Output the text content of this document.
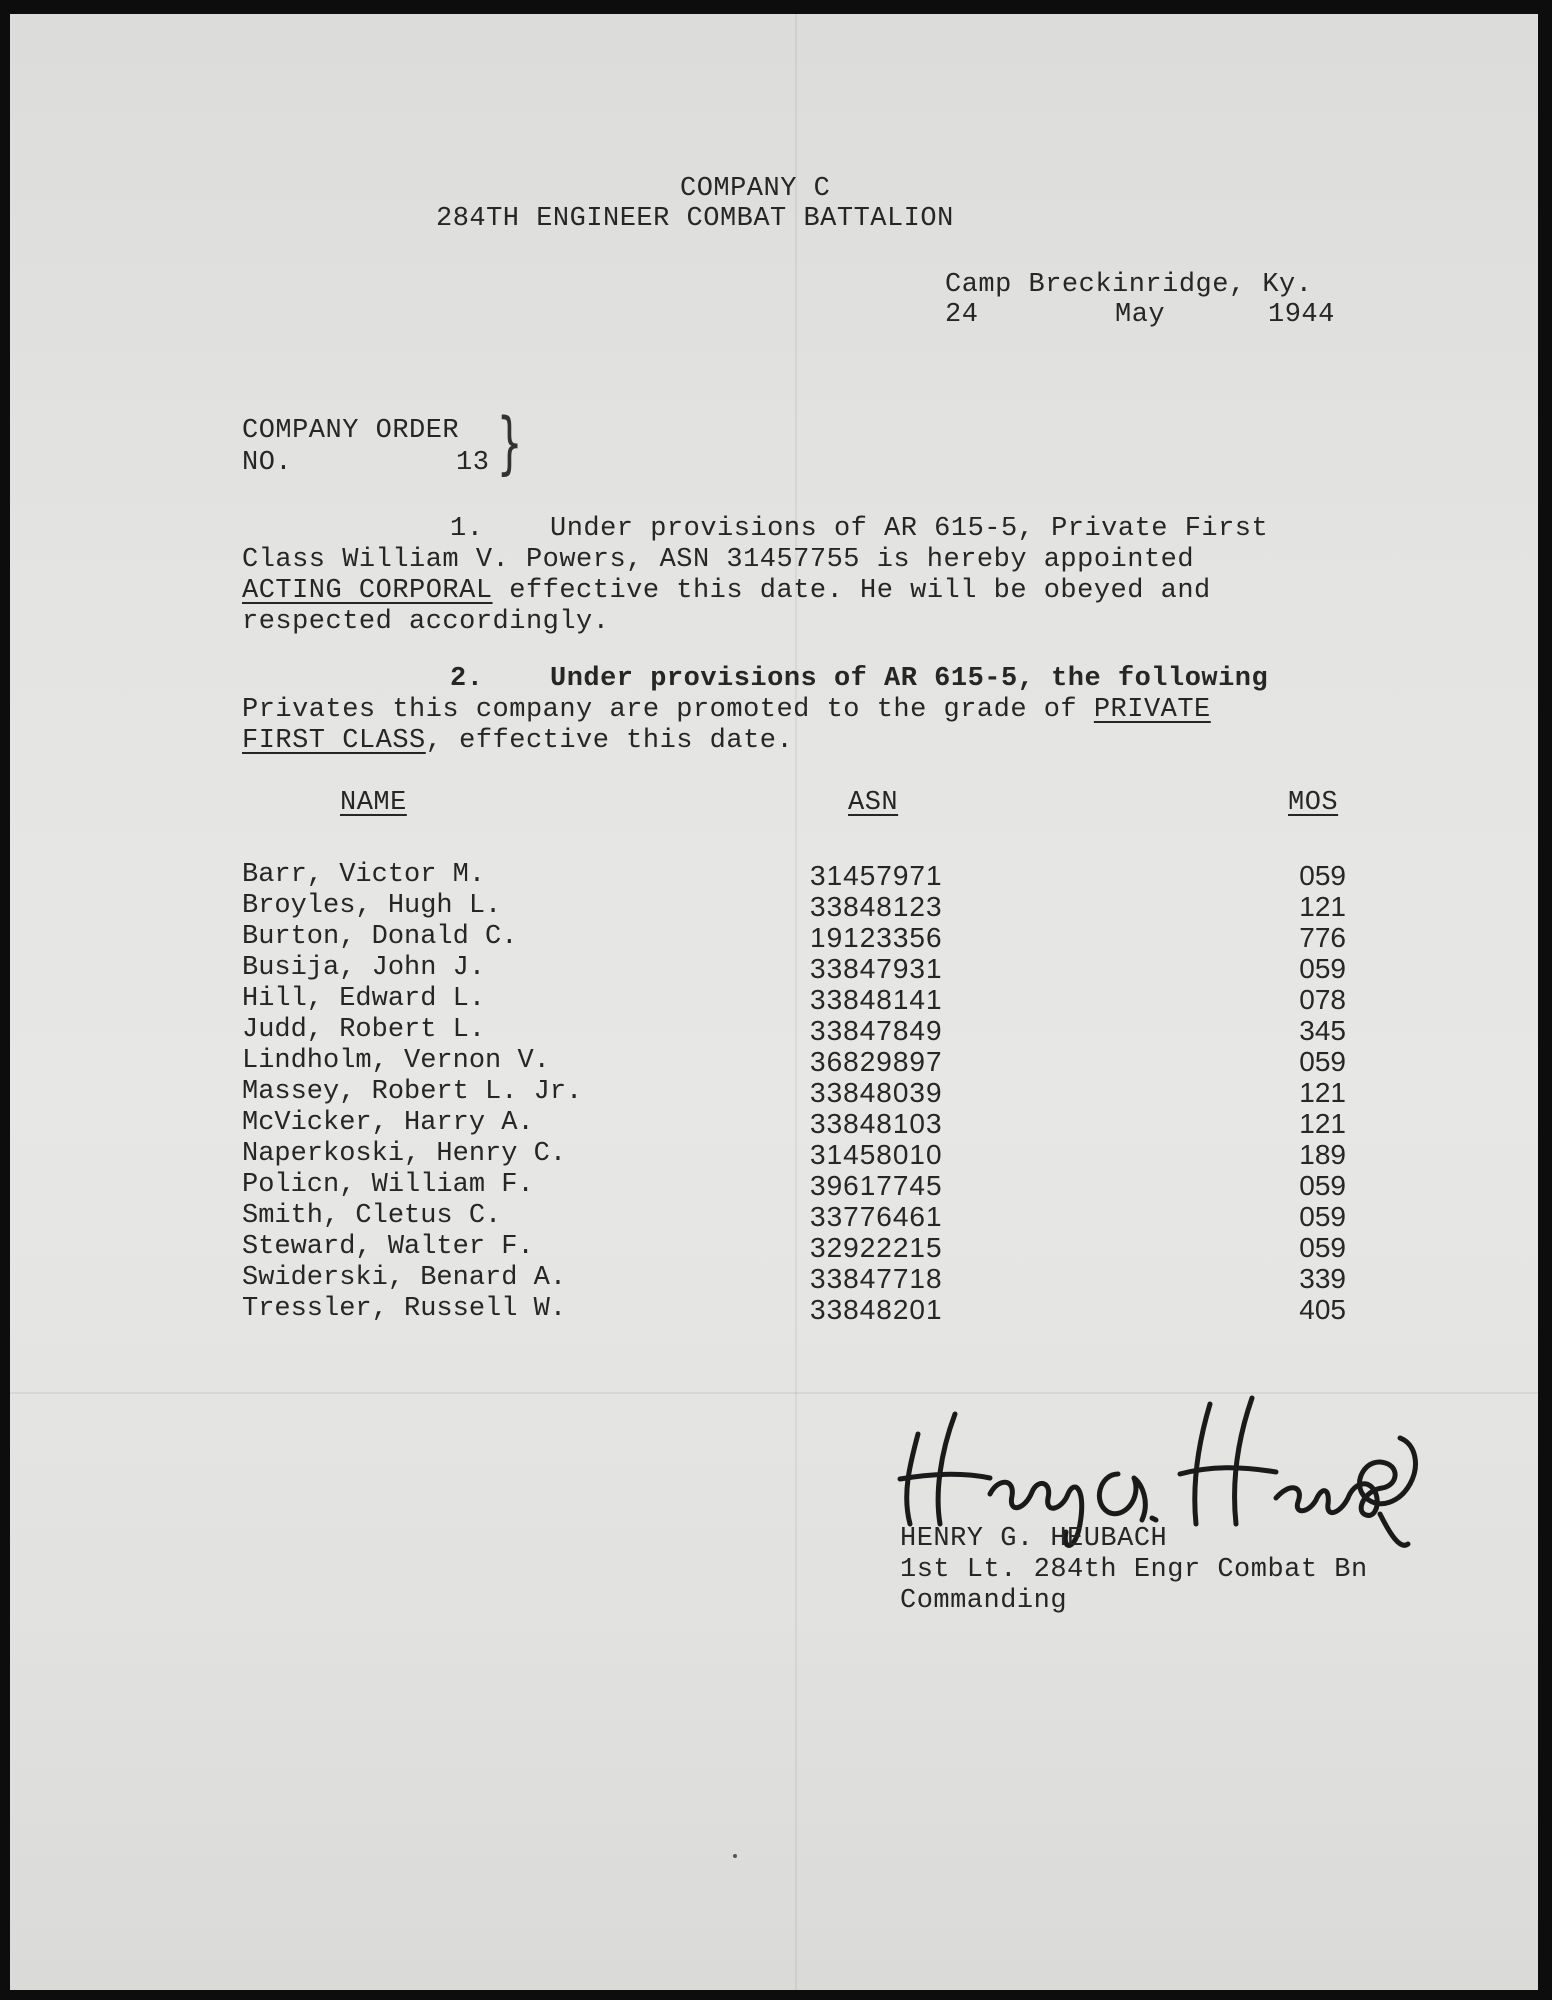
COMPANY C
284TH ENGINEER COMBAT BATTALION
Camp Breckinridge, Ky.
24	May	1944
COMPANY ORDER
NO.	13 }
1. Under provisions of AR 615-5, Private First
Class William V. Powers, ASN 31457755 is hereby appointed
ACTING CORPORAL effective this date. He will be obeyed and
respected accordingly.
2. Under provisions of AR 615-5, the following
Privates this company are promoted to the grade of PRIVATE
FIRST CLASS, effective this date.
NAME	ASN	MOS
Barr, Victor M.	31457971	059
Broyles, Hugh L.	33848123	121
Burton, Donald C.	19123356	776
Busija, John J.	33847931	059
Hill, Edward L.	33848141	078
Judd, Robert L.	33847849	345
Lindholm, Vernon V.	36829897	059
Massey, Robert L. Jr.	33848039	121
McVicker, Harry A.	33848103	121
Naperkoski, Henry C.	31458010	189
Policn, William F.	39617745	059
Smith, Cletus C.	33776461	059
Steward, Walter F.	32922215	059
Swiderski, Benard A.	33847718	339
Tressler, Russell W.	33848201	405
HENRY G. HEUBACH
1st Lt. 284th Engr Combat Bn
Commanding
